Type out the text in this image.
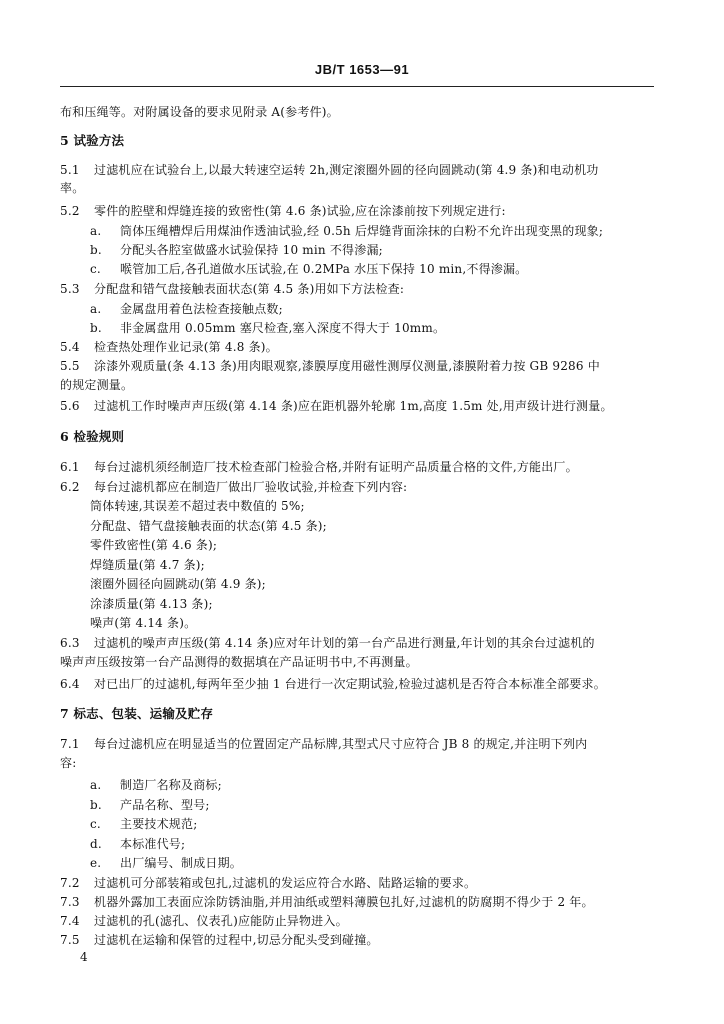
JB/T 1653—91
布和压绳等。对附属设备的要求见附录 A(参考件)。
5 试验方法
5.1 过滤机应在试验台上,以最大转速空运转 2h,测定滚圈外圆的径向圆跳动(第 4.9 条)和电动机功
率。
5.2 零件的腔壁和焊缝连接的致密性(第 4.6 条)试验,应在涂漆前按下列规定进行:
a. 筒体压绳槽焊后用煤油作透油试验,经 0.5h 后焊缝背面涂抹的白粉不允许出现变黑的现象;
b. 分配头各腔室做盛水试验保持 10 min 不得渗漏;
c. 喉管加工后,各孔道做水压试验,在 0.2MPa 水压下保持 10 min,不得渗漏。
5.3 分配盘和错气盘接触表面状态(第 4.5 条)用如下方法检查:
a. 金属盘用着色法检查接触点数;
b. 非金属盘用 0.05mm 塞尺检查,塞入深度不得大于 10mm。
5.4 检查热处理作业记录(第 4.8 条)。
5.5 涂漆外观质量(条 4.13 条)用肉眼观察,漆膜厚度用磁性测厚仪测量,漆膜附着力按 GB 9286 中
的规定测量。
5.6 过滤机工作时噪声声压级(第 4.14 条)应在距机器外轮廓 1m,高度 1.5m 处,用声级计进行测量。
6 检验规则
6.1 每台过滤机须经制造厂技术检查部门检验合格,并附有证明产品质量合格的文件,方能出厂。
6.2 每台过滤机都应在制造厂做出厂验收试验,并检查下列内容:
筒体转速,其误差不超过表中数值的 5%;
分配盘、错气盘接触表面的状态(第 4.5 条);
零件致密性(第 4.6 条);
焊缝质量(第 4.7 条);
滚圈外圆径向圆跳动(第 4.9 条);
涂漆质量(第 4.13 条);
噪声(第 4.14 条)。
6.3 过滤机的噪声声压级(第 4.14 条)应对年计划的第一台产品进行测量,年计划的其余台过滤机的
噪声声压级按第一台产品测得的数据填在产品证明书中,不再测量。
6.4 对已出厂的过滤机,每两年至少抽 1 台进行一次定期试验,检验过滤机是否符合本标准全部要求。
7 标志、包装、运输及贮存
7.1 每台过滤机应在明显适当的位置固定产品标牌,其型式尺寸应符合 JB 8 的规定,并注明下列内
容:
a. 制造厂名称及商标;
b. 产品名称、型号;
c. 主要技术规范;
d. 本标准代号;
e. 出厂编号、制成日期。
7.2 过滤机可分部装箱或包扎,过滤机的发运应符合水路、陆路运输的要求。
7.3 机器外露加工表面应涂防锈油脂,并用油纸或塑料薄膜包扎好,过滤机的防腐期不得少于 2 年。
7.4 过滤机的孔(滤孔、仪表孔)应能防止异物进入。
7.5 过滤机在运输和保管的过程中,切忌分配头受到碰撞。
4
